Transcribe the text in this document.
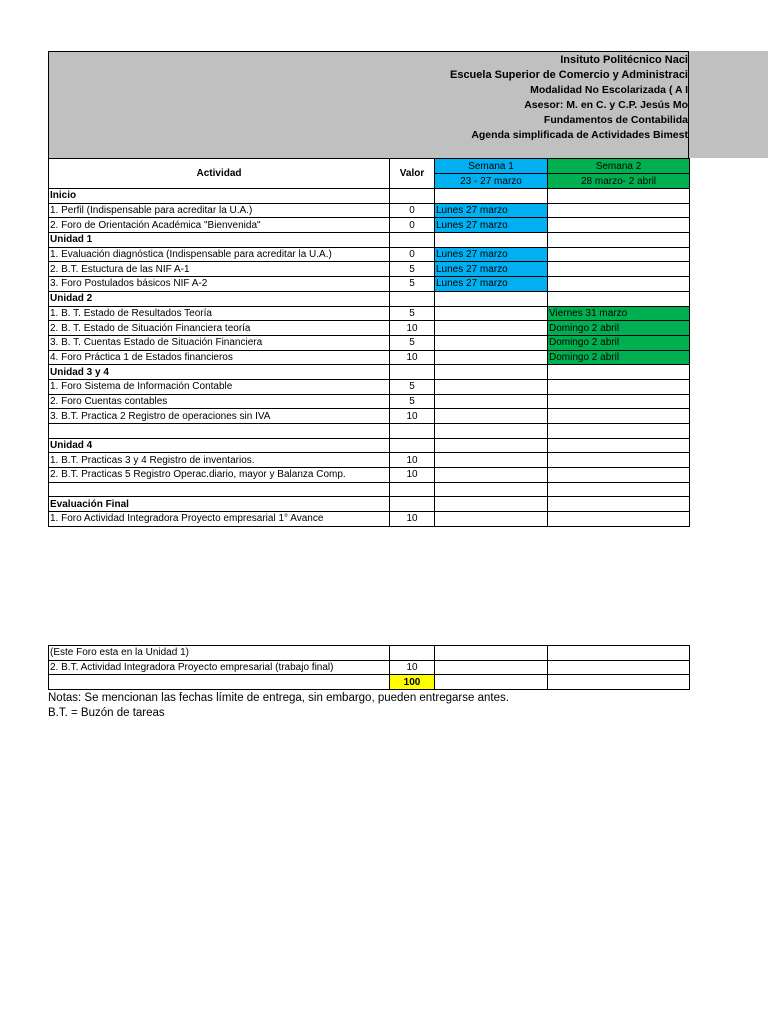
Insituto Politécnico Naci
Escuela Superior de Comercio y Administraci
Modalidad No Escolarizada ( A I
Asesor: M. en C. y C.P. Jesús Mo
Fundamentos de Contabilida
Agenda simplificada de Actividades Bimest
Actividad	Valor	Semana 1	Semana 2
		23 - 27 marzo	28 marzo- 2 abril
Inicio			
1. Perfil (Indispensable para acreditar la U.A.)	0	Lunes 27 marzo	
2. Foro de Orientación Académica "Bienvenida"	0	Lunes 27 marzo	
Unidad 1			
1. Evaluación diagnóstica (Indispensable para acreditar la U.A.)	0	Lunes 27 marzo	
2. B.T. Estuctura de las NIF A-1	5	Lunes 27 marzo	
3. Foro Postulados básicos NIF A-2	5	Lunes 27 marzo	
Unidad 2			
1. B. T. Estado de Resultados Teoría	5		Viernes 31 marzo
2. B. T. Estado de Situación Financiera teoría	10		Domingo 2 abril
3. B. T. Cuentas Estado de Situación Financiera	5		Domingo 2 abril
4. Foro Práctica 1 de Estados financieros	10		Domingo 2 abril
Unidad 3 y 4			
1. Foro Sistema de Información Contable	5		
2. Foro Cuentas contables	5		
3. B.T. Practica 2 Registro de operaciones sin IVA	10		

Unidad 4			
1. B.T. Practicas 3 y 4 Registro de inventarios.	10		
2. B.T. Practicas 5 Registro Operac.diario, mayor y Balanza Comp.	10		

Evaluación Final			
1. Foro Actividad Integradora Proyecto empresarial 1° Avance	10		
(Este Foro esta en la Unidad 1)			
2. B.T. Actividad Integradora Proyecto empresarial (trabajo final)	10		
	100		
Notas: Se mencionan las fechas límite de entrega, sin embargo, pueden entregarse antes.
B.T. = Buzón de tareas
